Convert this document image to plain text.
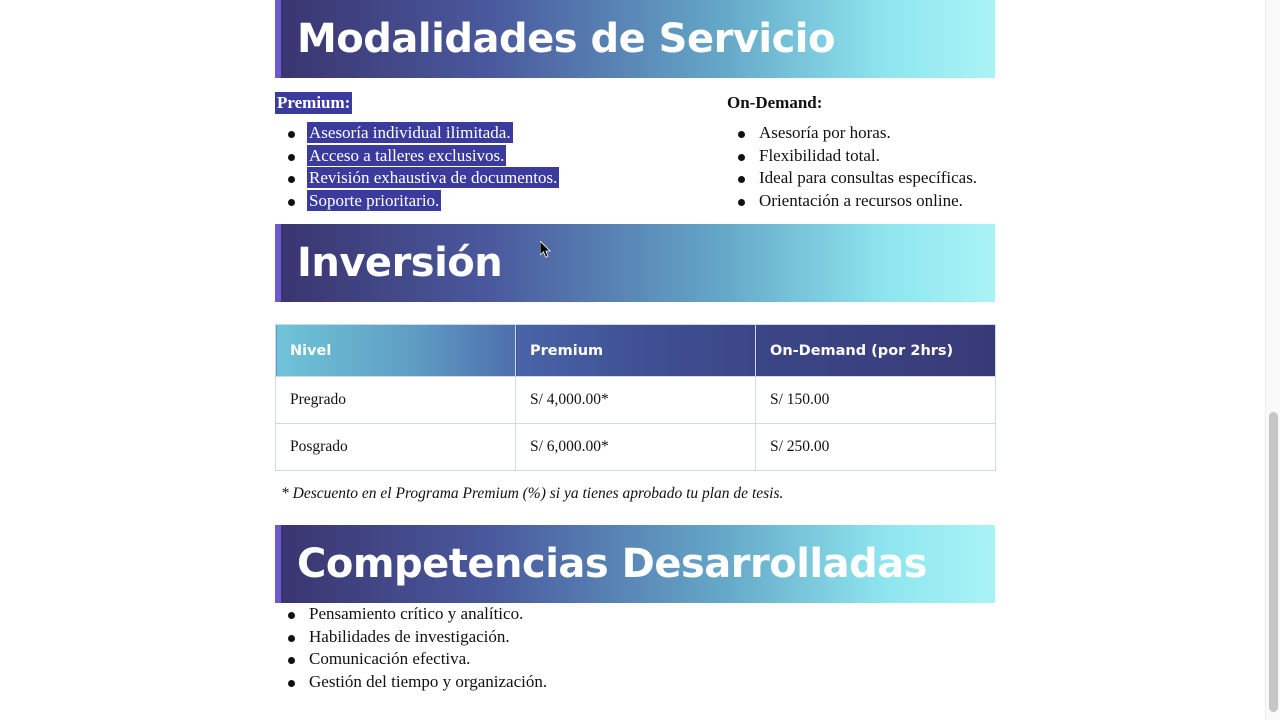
Modalidades de Servicio
Premium:
Asesoría individual ilimitada.
Acceso a talleres exclusivos.
Revisión exhaustiva de documentos.
Soporte prioritario.
On-Demand:
Asesoría por horas.
Flexibilidad total.
Ideal para consultas específicas.
Orientación a recursos online.
Inversión
Nivel	Premium	On-Demand (por 2hrs)
Pregrado	S/ 4,000.00*	S/ 150.00
Posgrado	S/ 6,000.00*	S/ 250.00
* Descuento en el Programa Premium (%) si ya tienes aprobado tu plan de tesis.
Competencias Desarrolladas
Pensamiento crítico y analítico.
Habilidades de investigación.
Comunicación efectiva.
Gestión del tiempo y organización.
